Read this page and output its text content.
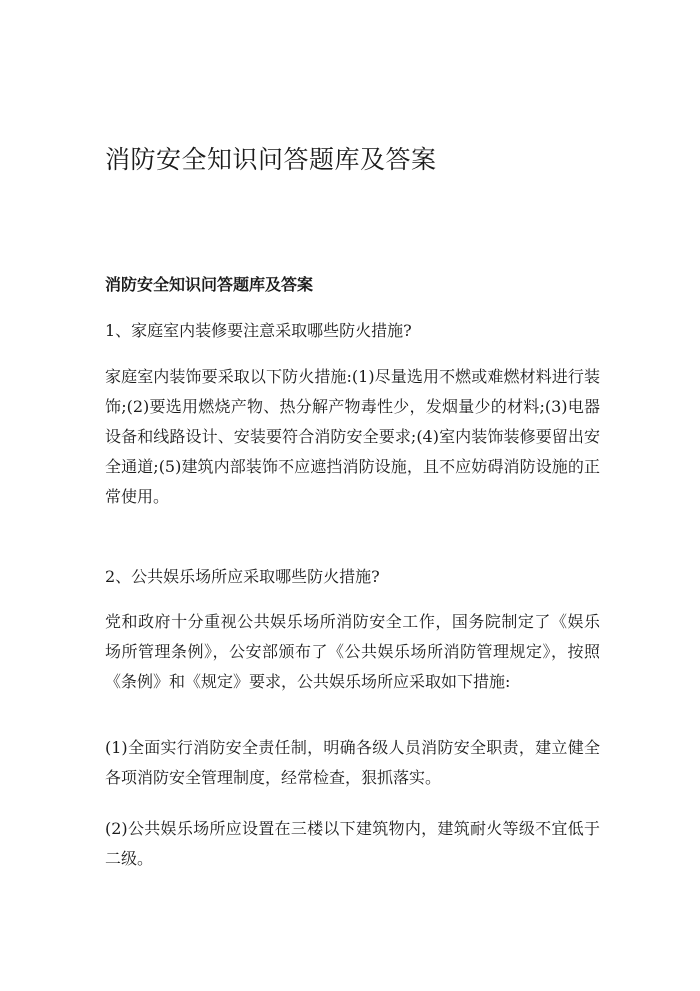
消防安全知识问答题库及答案
消防安全知识问答题库及答案

1、家庭室内装修要注意采取哪些防火措施?

家庭室内装饰要采取以下防火措施:(1)尽量选用不燃或难燃材料进行装饰;(2)要选用燃烧产物、热分解产物毒性少，发烟量少的材料;(3)电器设备和线路设计、安装要符合消防安全要求;(4)室内装饰装修要留出安全通道;(5)建筑内部装饰不应遮挡消防设施，且不应妨碍消防设施的正常使用。

2、公共娱乐场所应采取哪些防火措施?

党和政府十分重视公共娱乐场所消防安全工作，国务院制定了《娱乐场所管理条例》，公安部颁布了《公共娱乐场所消防管理规定》，按照《条例》和《规定》要求，公共娱乐场所应采取如下措施:

(1)全面实行消防安全责任制，明确各级人员消防安全职责，建立健全各项消防安全管理制度，经常检查，狠抓落实。

(2)公共娱乐场所应设置在三楼以下建筑物内，建筑耐火等级不宜低于二级。
